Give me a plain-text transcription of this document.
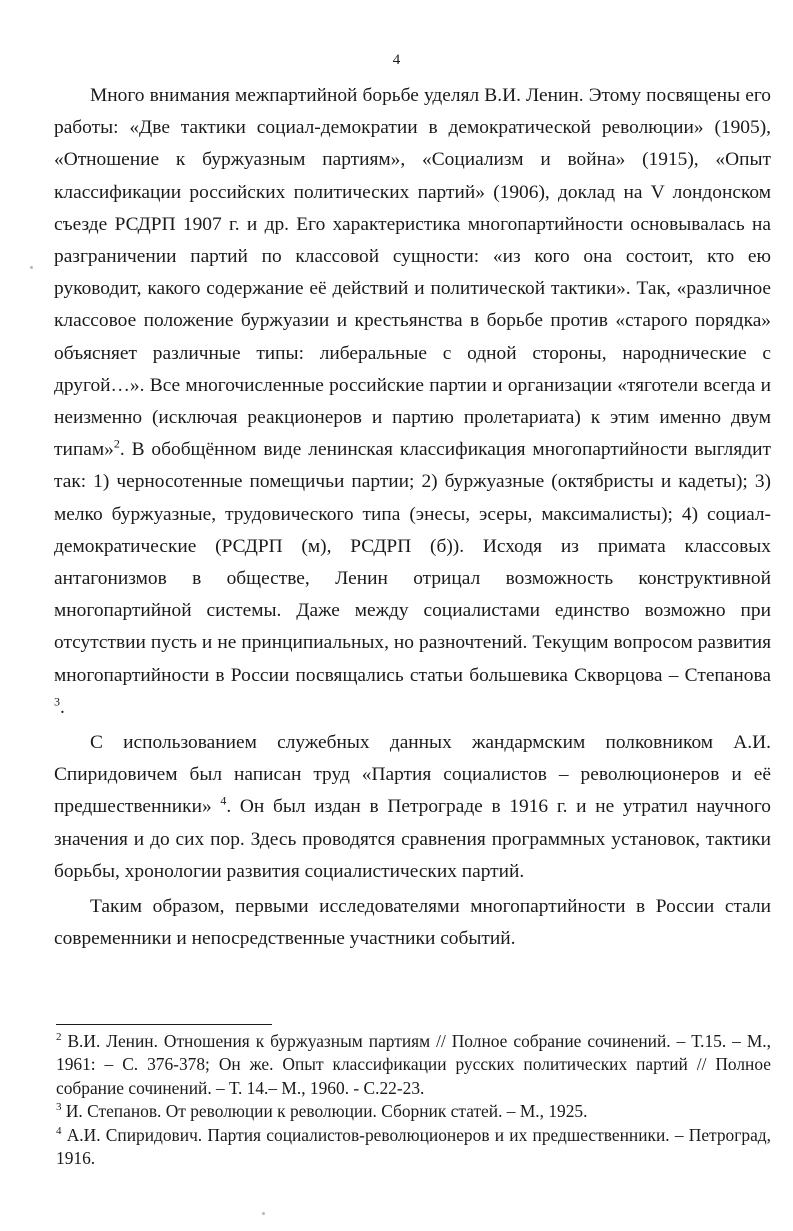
4

Много внимания межпартийной борьбе уделял В.И. Ленин. Этому посвящены его работы: «Две тактики социал-демократии в демократической революции» (1905), «Отношение к буржуазным партиям», «Социализм и война» (1915), «Опыт классификации российских политических партий» (1906), доклад на V лондонском съезде РСДРП 1907 г. и др. Его характеристика многопартийности основывалась на разграничении партий по классовой сущности: «из кого она состоит, кто ею руководит, какого содержание её действий и политической тактики». Так, «различное классовое положение буржуазии и крестьянства в борьбе против «старого порядка» объясняет различные типы: либеральные с одной стороны, народнические с другой…». Все многочисленные российские партии и организации «тяготели всегда и неизменно (исключая реакционеров и партию пролетариата) к этим именно двум типам»$^2$. В обобщённом виде ленинская классификация многопартийности выглядит так: 1) черносотенные помещичьи партии; 2) буржуазные (октябристы и кадеты); 3) мелко буржуазные, трудовического типа (энесы, эсеры, максималисты); 4) социал-демократические (РСДРП (м), РСДРП (б)). Исходя из примата классовых антагонизмов в обществе, Ленин отрицал возможность конструктивной многопартийной системы. Даже между социалистами единство возможно при отсутствии пусть и не принципиальных, но разночтений. Текущим вопросом развития многопартийности в России посвящались статьи большевика Скворцова – Степанова $^3$.

С использованием служебных данных жандармским полковником А.И. Спиридовичем был написан труд «Партия социалистов – революционеров и её предшественники» $^4$. Он был издан в Петрограде в 1916 г. и не утратил научного значения и до сих пор. Здесь проводятся сравнения программных установок, тактики борьбы, хронологии развития социалистических партий.

Таким образом, первыми исследователями многопартийности в России стали современники и непосредственные участники событий.

$^2$ В.И. Ленин. Отношения к буржуазным партиям // Полное собрание сочинений. – Т.15. – М., 1961: – С. 376-378; Он же. Опыт классификации русских политических партий // Полное собрание сочинений. – Т. 14.– М., 1960. - С.22-23.

$^3$ И. Степанов. От революции к революции. Сборник статей. – М., 1925.

$^4$ А.И. Спиридович. Партия социалистов-революционеров и их предшественники. – Петроград, 1916.
